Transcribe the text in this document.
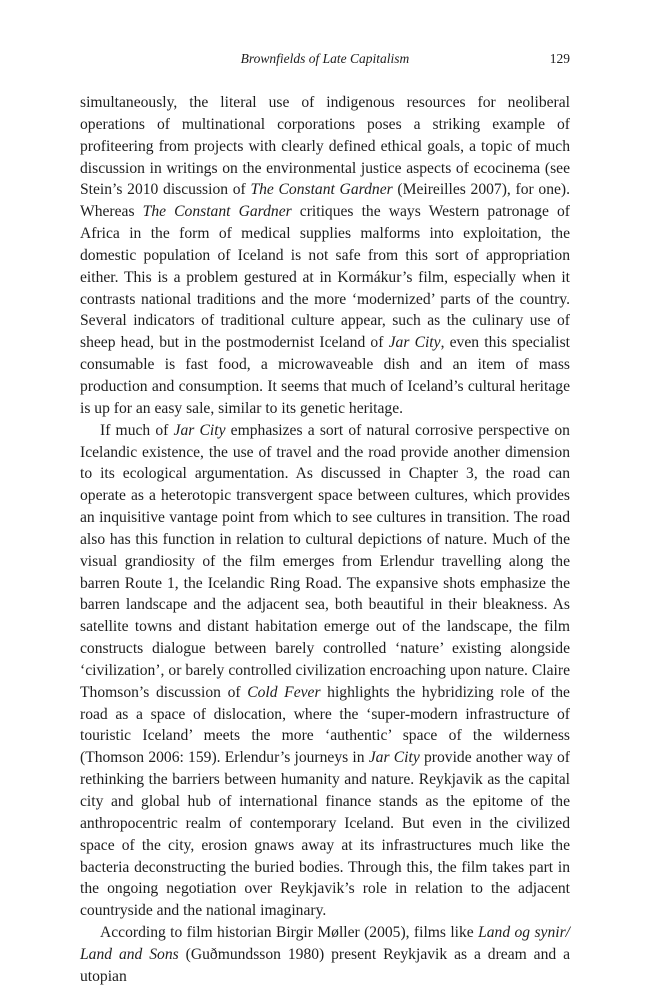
Brownfields of Late Capitalism	129

simultaneously, the literal use of indigenous resources for neoliberal operations of multinational corporations poses a striking example of profiteering from projects with clearly defined ethical goals, a topic of much discussion in writings on the environmental justice aspects of ecocinema (see Stein’s 2010 discussion of The Constant Gardner (Meireilles 2007), for one). Whereas The Constant Gardner critiques the ways Western patronage of Africa in the form of medical supplies malforms into exploitation, the domestic population of Iceland is not safe from this sort of appropriation either. This is a problem gestured at in Kormákur’s film, especially when it contrasts national traditions and the more ‘modernized’ parts of the country. Several indicators of traditional culture appear, such as the culinary use of sheep head, but in the postmodernist Iceland of Jar City, even this specialist consumable is fast food, a microwaveable dish and an item of mass production and consumption. It seems that much of Iceland’s cultural heritage is up for an easy sale, similar to its genetic heritage.

If much of Jar City emphasizes a sort of natural corrosive perspective on Icelandic existence, the use of travel and the road provide another dimension to its ecological argumentation. As discussed in Chapter 3, the road can operate as a heterotopic transvergent space between cultures, which provides an inquisitive vantage point from which to see cultures in transition. The road also has this function in relation to cultural depictions of nature. Much of the visual grandiosity of the film emerges from Erlendur travelling along the barren Route 1, the Icelandic Ring Road. The expansive shots emphasize the barren landscape and the adjacent sea, both beautiful in their bleakness. As satellite towns and distant habitation emerge out of the landscape, the film constructs dialogue between barely controlled ‘nature’ existing alongside ‘civilization’, or barely controlled civilization encroaching upon nature. Claire Thomson’s discussion of Cold Fever highlights the hybridizing role of the road as a space of dislocation, where the ‘super-modern infrastructure of touristic Iceland’ meets the more ‘authentic’ space of the wilderness (Thomson 2006: 159). Erlendur’s journeys in Jar City provide another way of rethinking the barriers between humanity and nature. Reykjavik as the capital city and global hub of international finance stands as the epitome of the anthropocentric realm of contemporary Iceland. But even in the civilized space of the city, erosion gnaws away at its infrastructures much like the bacteria deconstructing the buried bodies. Through this, the film takes part in the ongoing negotiation over Reykjavik’s role in relation to the adjacent countryside and the national imaginary.

According to film historian Birgir Møller (2005), films like Land og synir/ Land and Sons (Guðmundsson 1980) present Reykjavik as a dream and a utopian
